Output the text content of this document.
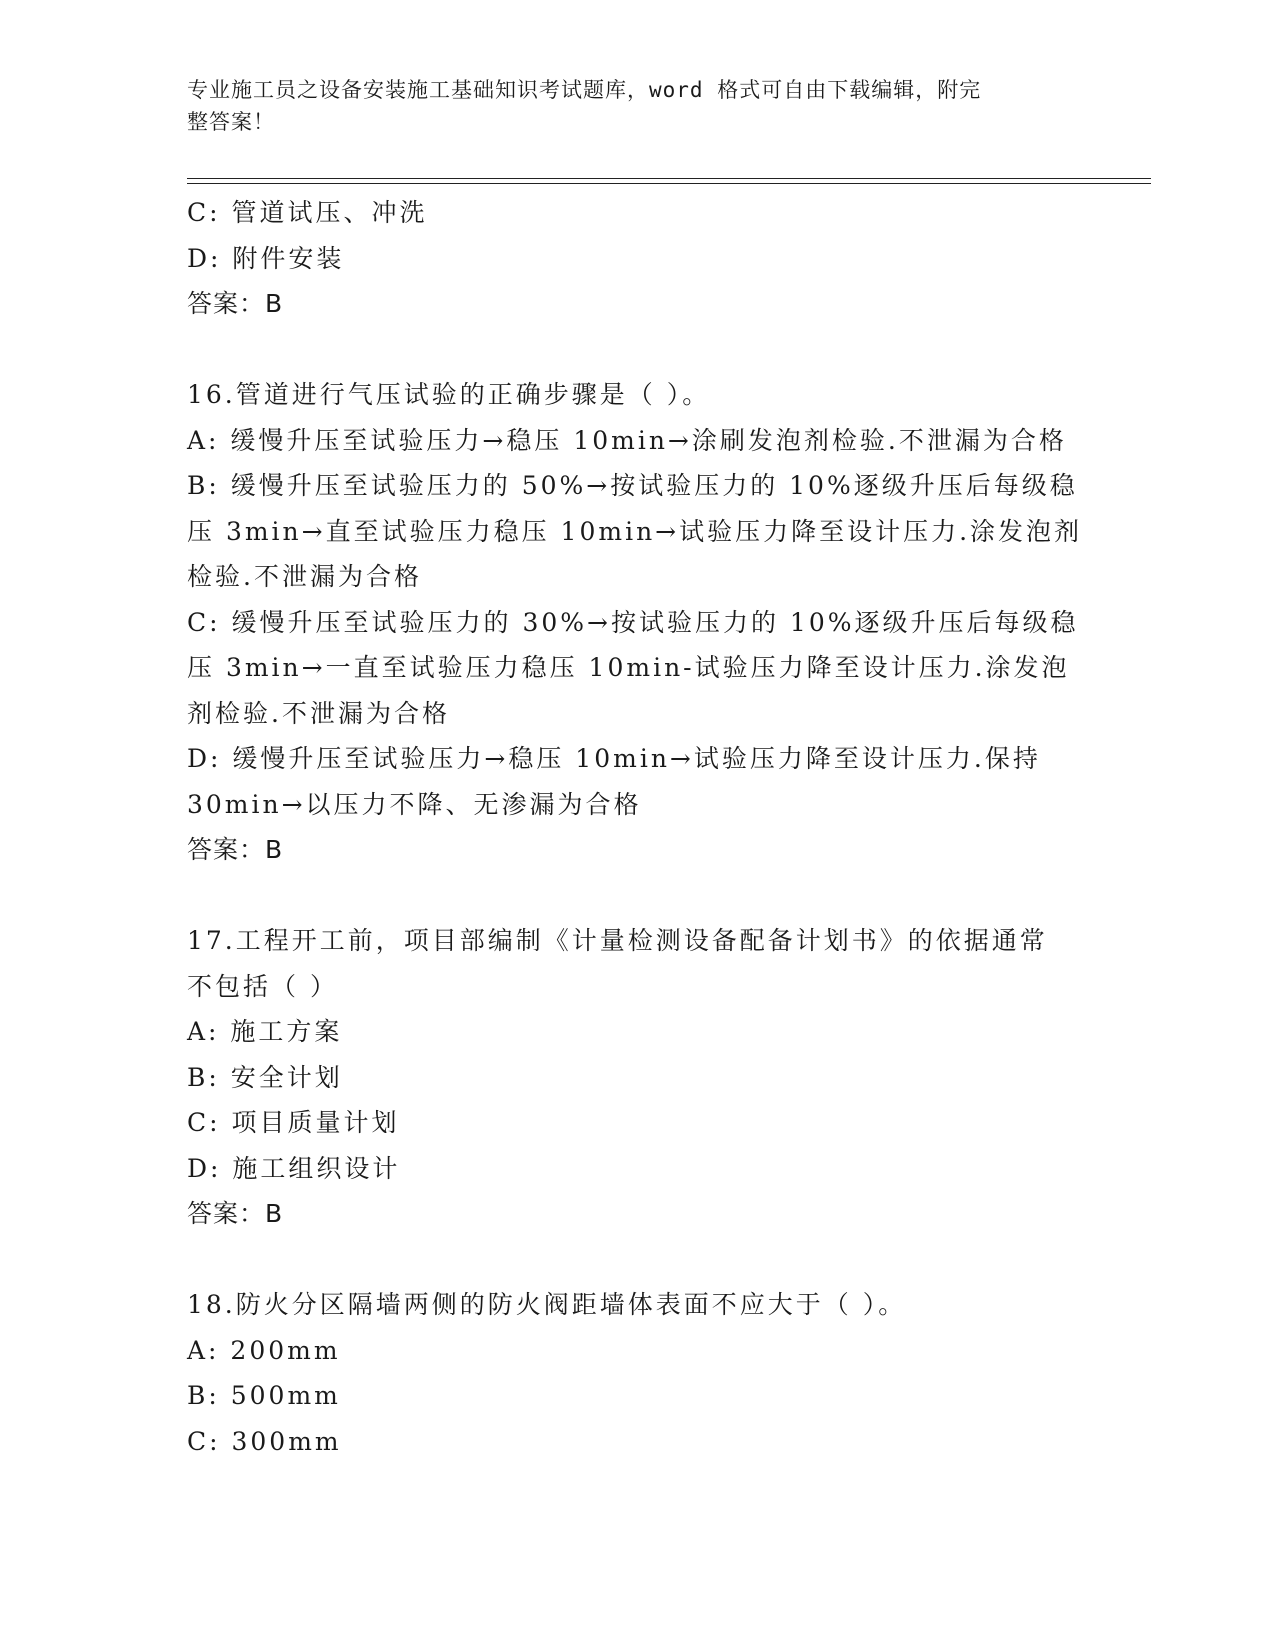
专业施工员之设备安装施工基础知识考试题库，word 格式可自由下载编辑，附完
整答案！
C: 管道试压、冲洗
D: 附件安装
答案：B
16.管道进行气压试验的正确步骤是（ ）。
A: 缓慢升压至试验压力→稳压 10min→涂刷发泡剂检验.不泄漏为合格
B: 缓慢升压至试验压力的 50%→按试验压力的 10%逐级升压后每级稳
压 3min→直至试验压力稳压 10min→试验压力降至设计压力.涂发泡剂
检验.不泄漏为合格
C: 缓慢升压至试验压力的 30%→按试验压力的 10%逐级升压后每级稳
压 3min→一直至试验压力稳压 10min-试验压力降至设计压力.涂发泡
剂检验.不泄漏为合格
D: 缓慢升压至试验压力→稳压 10min→试验压力降至设计压力.保持
30min→以压力不降、无渗漏为合格
答案：B
17.工程开工前，项目部编制《计量检测设备配备计划书》的依据通常
不包括（ ）
A: 施工方案
B: 安全计划
C: 项目质量计划
D: 施工组织设计
答案：B
18.防火分区隔墙两侧的防火阀距墙体表面不应大于（ ）。
A: 200mm
B: 500mm
C: 300mm
